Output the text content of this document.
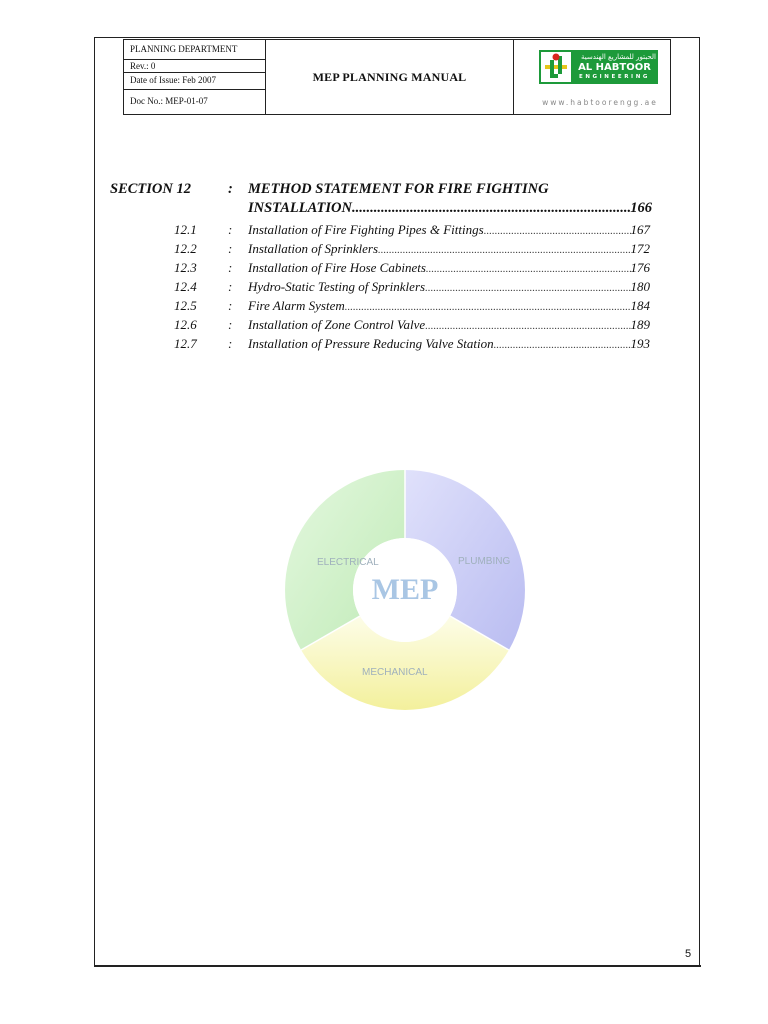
PLANNING DEPARTMENT
Rev.: 0
Date of Issue: Feb 2007
Doc No.: MEP-01-07
MEP PLANNING MANUAL
الحبتور للمشاريع الهندسية
AL HABTOOR
ENGINEERING
www.habtoorengg.ae
SECTION 12	: METHOD STATEMENT FOR FIRE FIGHTING
INSTALLATION .....	166
12.1 : Installation of Fire Fighting Pipes & Fittings .....	167
12.2 : Installation of Sprinklers .....	172
12.3 : Installation of Fire Hose Cabinets .....	176
12.4 : Hydro-Static Testing of Sprinklers .....	180
12.5 : Fire Alarm System .....	184
12.6 : Installation of Zone Control Valve .....	189
12.7 : Installation of Pressure Reducing Valve Station .....	193
ELECTRICAL	PLUMBING
MECHANICAL
MEP
5
